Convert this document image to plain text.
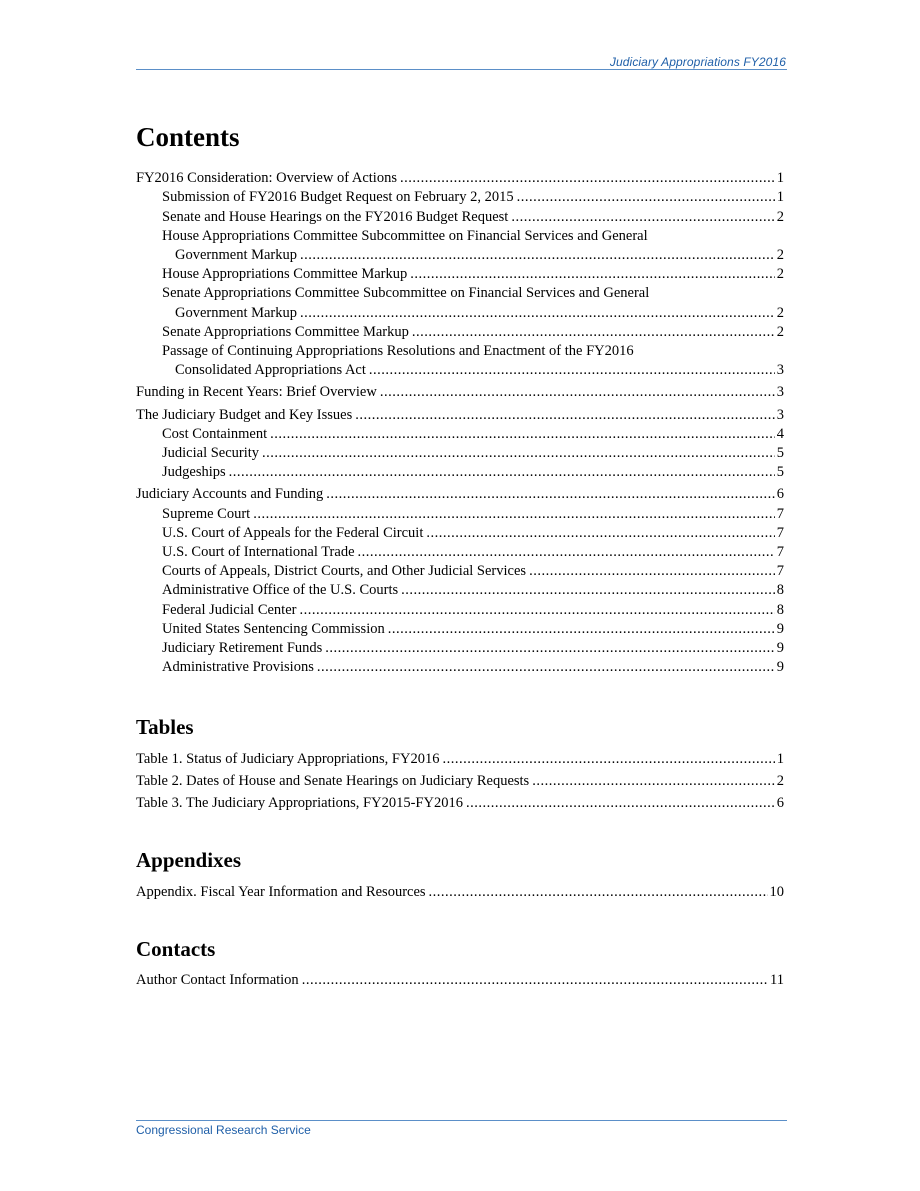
Judiciary Appropriations FY2016
Contents
FY2016 Consideration: Overview of Actions .....	1
Submission of FY2016 Budget Request on February 2, 2015 .....	1
Senate and House Hearings on the FY2016 Budget Request .....	2
House Appropriations Committee Subcommittee on Financial Services and General
Government Markup .....	2
House Appropriations Committee Markup .....	2
Senate Appropriations Committee Subcommittee on Financial Services and General
Government Markup .....	2
Senate Appropriations Committee Markup .....	2
Passage of Continuing Appropriations Resolutions and Enactment of the FY2016
Consolidated Appropriations Act .....	3
Funding in Recent Years: Brief Overview .....	3
The Judiciary Budget and Key Issues .....	3
Cost Containment .....	4
Judicial Security .....	5
Judgeships .....	5
Judiciary Accounts and Funding .....	6
Supreme Court .....	7
U.S. Court of Appeals for the Federal Circuit .....	7
U.S. Court of International Trade .....	7
Courts of Appeals, District Courts, and Other Judicial Services .....	7
Administrative Office of the U.S. Courts .....	8
Federal Judicial Center .....	8
United States Sentencing Commission .....	9
Judiciary Retirement Funds .....	9
Administrative Provisions .....	9
Tables
Table 1. Status of Judiciary Appropriations, FY2016 .....	1
Table 2. Dates of House and Senate Hearings on Judiciary Requests .....	2
Table 3. The Judiciary Appropriations, FY2015-FY2016 .....	6
Appendixes
Appendix. Fiscal Year Information and Resources .....	10
Contacts
Author Contact Information .....	11
Congressional Research Service
